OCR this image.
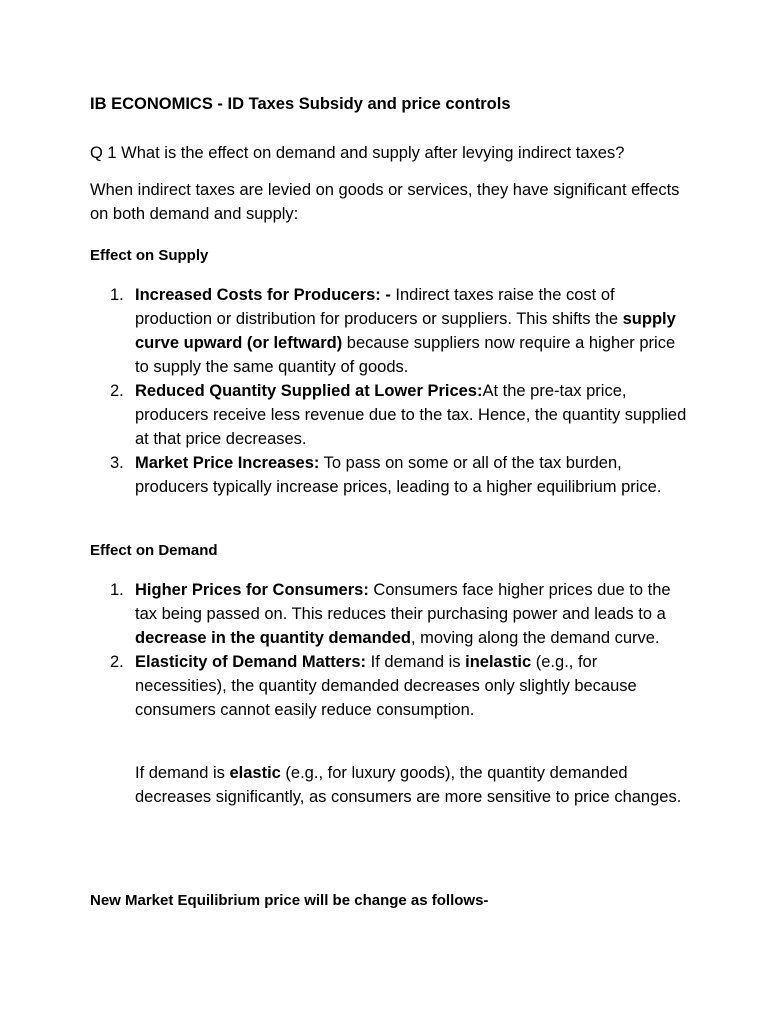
IB ECONOMICS - ID Taxes Subsidy and price controls

Q 1 What is the effect on demand and supply after levying indirect taxes?

When indirect taxes are levied on goods or services, they have significant effects on both demand and supply:

Effect on Supply
1. Increased Costs for Producers: - Indirect taxes raise the cost of production or distribution for producers or suppliers. This shifts the supply curve upward (or leftward) because suppliers now require a higher price to supply the same quantity of goods.
2. Reduced Quantity Supplied at Lower Prices:At the pre-tax price, producers receive less revenue due to the tax. Hence, the quantity supplied at that price decreases.
3. Market Price Increases: To pass on some or all of the tax burden, producers typically increase prices, leading to a higher equilibrium price.
Effect on Demand
1. Higher Prices for Consumers: Consumers face higher prices due to the tax being passed on. This reduces their purchasing power and leads to a decrease in the quantity demanded, moving along the demand curve.
2. Elasticity of Demand Matters: If demand is inelastic (e.g., for necessities), the quantity demanded decreases only slightly because consumers cannot easily reduce consumption.

If demand is elastic (e.g., for luxury goods), the quantity demanded decreases significantly, as consumers are more sensitive to price changes.

New Market Equilibrium price will be change as follows-
